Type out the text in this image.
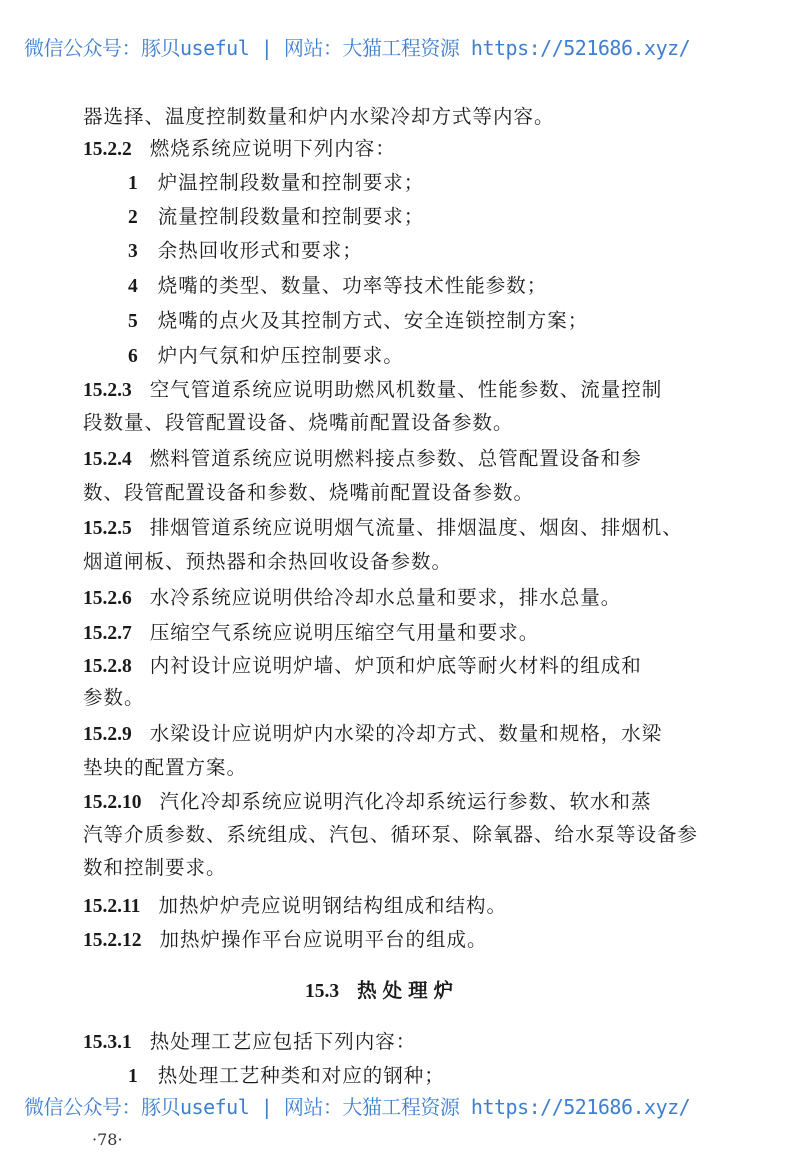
微信公众号：豚贝useful | 网站：大猫工程资源 https://521686.xyz/
器选择、温度控制数量和炉内水梁冷却方式等内容。
15.2.2 燃烧系统应说明下列内容：
1 炉温控制段数量和控制要求；
2 流量控制段数量和控制要求；
3 余热回收形式和要求；
4 烧嘴的类型、数量、功率等技术性能参数；
5 烧嘴的点火及其控制方式、安全连锁控制方案；
6 炉内气氛和炉压控制要求。
15.2.3 空气管道系统应说明助燃风机数量、性能参数、流量控制
段数量、段管配置设备、烧嘴前配置设备参数。
15.2.4 燃料管道系统应说明燃料接点参数、总管配置设备和参
数、段管配置设备和参数、烧嘴前配置设备参数。
15.2.5 排烟管道系统应说明烟气流量、排烟温度、烟囱、排烟机、
烟道闸板、预热器和余热回收设备参数。
15.2.6 水冷系统应说明供给冷却水总量和要求，排水总量。
15.2.7 压缩空气系统应说明压缩空气用量和要求。
15.2.8 内衬设计应说明炉墙、炉顶和炉底等耐火材料的组成和
参数。
15.2.9 水梁设计应说明炉内水梁的冷却方式、数量和规格，水梁
垫块的配置方案。
15.2.10 汽化冷却系统应说明汽化冷却系统运行参数、软水和蒸
汽等介质参数、系统组成、汽包、循环泵、除氧器、给水泵等设备参
数和控制要求。
15.2.11 加热炉炉壳应说明钢结构组成和结构。
15.2.12 加热炉操作平台应说明平台的组成。
15.3 热处理炉
15.3.1 热处理工艺应包括下列内容：
1 热处理工艺种类和对应的钢种；
微信公众号：豚贝useful | 网站：大猫工程资源 https://521686.xyz/
·78·
